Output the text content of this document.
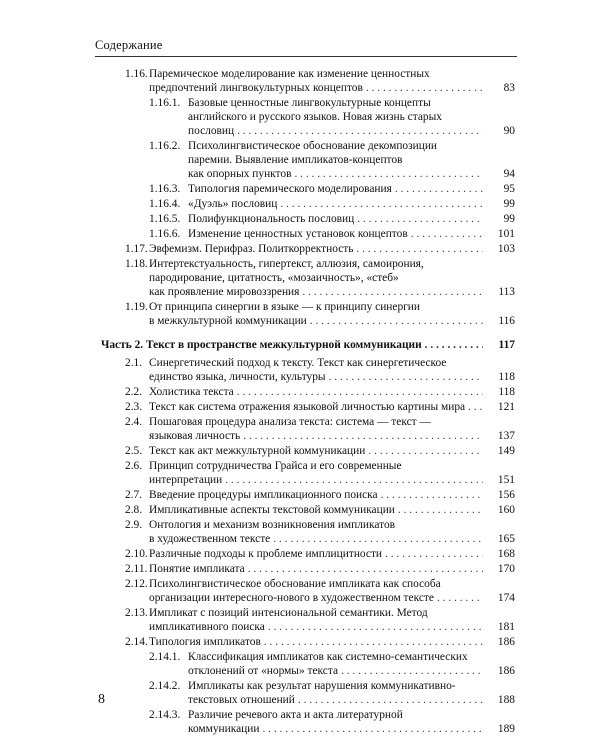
Содержание
1.16. Паремическое моделирование как изменение ценностных
предпочтений лингвокультурных концептов . . .	83
1.16.1. Базовые ценностные лингвокультурные концепты
английского и русского языков. Новая жизнь старых
пословиц . . .	90
1.16.2. Психолингвистическое обоснование декомпозиции
паремии. Выявление импликатов-концептов
как опорных пунктов . . .	94
1.16.3. Типология паремического моделирования . . .	95
1.16.4. «Дуэль» пословиц . . .	99
1.16.5. Полифункциональность пословиц . . .	99
1.16.6. Изменение ценностных установок концептов . . .	101
1.17. Эвфемизм. Перифраз. Политкорректность . . .	103
1.18. Интертекстуальность, гипертекст, аллюзия, самоирония,
пародирование, цитатность, «мозаичность», «стеб»
как проявление мировоззрения . . .	113
1.19. От принципа синергии в языке — к принципу синергии
в межкультурной коммуникации . . .	116
Часть 2. Текст в пространстве межкультурной коммуникации . . .	117
2.1. Синергетический подход к тексту. Текст как синергетическое
единство языка, личности, культуры . . .	118
2.2. Холистика текста . . .	118
2.3. Текст как система отражения языковой личностью картины мира . . .	121
2.4. Пошаговая процедура анализа текста: система — текст —
языковая личность . . .	137
2.5. Текст как акт межкультурной коммуникации . . .	149
2.6. Принцип сотрудничества Грайса и его современные
интерпретации . . .	151
2.7. Введение процедуры импликационного поиска . . .	156
2.8. Импликативные аспекты текстовой коммуникации . . .	160
2.9. Онтология и механизм возникновения импликатов
в художественном тексте . . .	165
2.10. Различные подходы к проблеме имплицитности . . .	168
2.11. Понятие импликата . . .	170
2.12. Психолингвистическое обоснование импликата как способа
организации интересного-нового в художественном тексте . . .	174
2.13. Импликат с позиций интенсиональной семантики. Метод
импликативного поиска . . .	181
2.14. Типология импликатов . . .	186
2.14.1. Классификация импликатов как системно-семантических
отклонений от «нормы» текста . . .	186
2.14.2. Импликаты как результат нарушения коммуникативно-
текстовых отношений . . .	188
2.14.3. Различие речевого акта и акта литературной
коммуникации . . .	189
8
